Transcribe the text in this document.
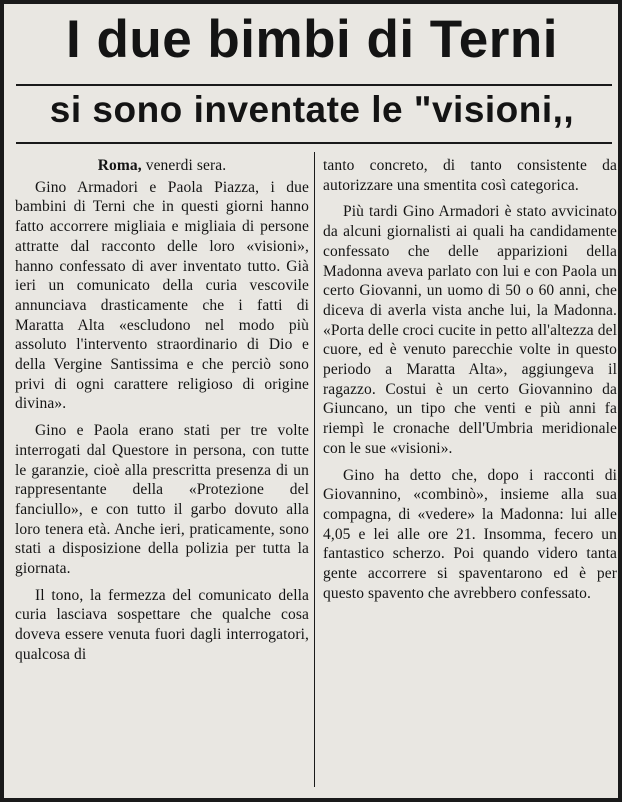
I due bimbi di Terni
si sono inventate le "visioni,,
Roma, venerdi sera.

Gino Armadori e Paola Piazza, i due bambini di Terni che in questi giorni hanno fatto accorrere migliaia e migliaia di persone attratte dal racconto delle loro «visioni», hanno confessato di aver inventato tutto. Già ieri un comunicato della curia vescovile annunciava drasticamente che i fatti di Maratta Alta «escludono nel modo più assoluto l'intervento straordinario di Dio e della Vergine Santissima e che perciò sono privi di ogni carattere religioso di origine divina».

Gino e Paola erano stati per tre volte interrogati dal Questore in persona, con tutte le garanzie, cioè alla prescritta presenza di un rappresentante della «Protezione del fanciullo», e con tutto il garbo dovuto alla loro tenera età. Anche ieri, praticamente, sono stati a disposizione della polizia per tutta la giornata.

Il tono, la fermezza del comunicato della curia lasciava sospettare che qualche cosa doveva essere venuta fuori dagli interrogatori, qualcosa di

tanto concreto, di tanto consistente da autorizzare una smentita così categorica.

Più tardi Gino Armadori è stato avvicinato da alcuni giornalisti ai quali ha candidamente confessato che delle apparizioni della Madonna aveva parlato con lui e con Paola un certo Giovanni, un uomo di 50 o 60 anni, che diceva di averla vista anche lui, la Madonna. «Porta delle croci cucite in petto all'altezza del cuore, ed è venuto parecchie volte in questo periodo a Maratta Alta», aggiungeva il ragazzo. Costui è un certo Giovannino da Giuncano, un tipo che venti e più anni fa riempì le cronache dell'Umbria meridionale con le sue «visioni».

Gino ha detto che, dopo i racconti di Giovannino, «combinò», insieme alla sua compagna, di «vedere» la Madonna: lui alle 4,05 e lei alle ore 21. Insomma, fecero un fantastico scherzo. Poi quando videro tanta gente accorrere si spaventarono ed è per questo spavento che avrebbero confessato.
